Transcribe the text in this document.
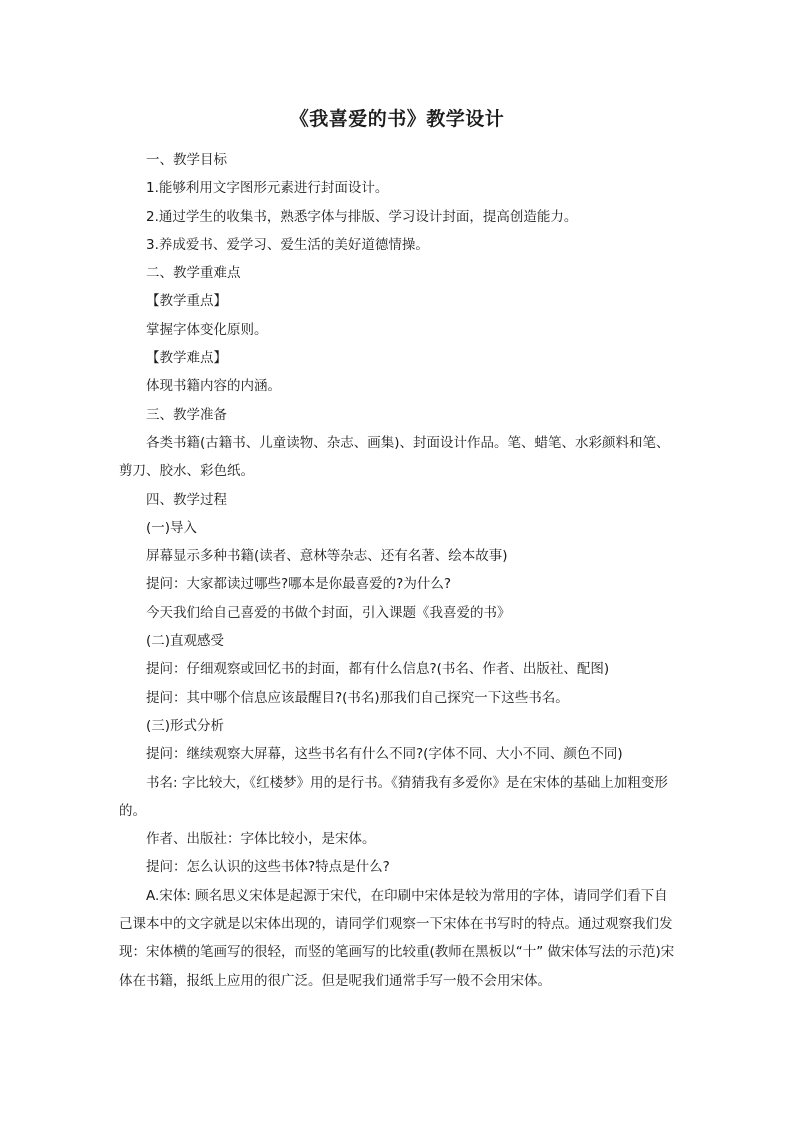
《我喜爱的书》教学设计

一、教学目标

1.能够利用文字图形元素进行封面设计。

2.通过学生的收集书，熟悉字体与排版、学习设计封面，提高创造能力。

3.养成爱书、爱学习、爱生活的美好道德情操。

二、教学重难点

【教学重点】

掌握字体变化原则。

【教学难点】

体现书籍内容的内涵。

三、教学准备

各类书籍(古籍书、儿童读物、杂志、画集)、封面设计作品。笔、蜡笔、水彩颜料和笔、剪刀、胶水、彩色纸。

四、教学过程

(一)导入

屏幕显示多种书籍(读者、意林等杂志、还有名著、绘本故事)

提问：大家都读过哪些?哪本是你最喜爱的?为什么?

今天我们给自己喜爱的书做个封面，引入课题《我喜爱的书》

(二)直观感受

提问：仔细观察或回忆书的封面，都有什么信息?(书名、作者、出版社、配图)

提问：其中哪个信息应该最醒目?(书名)那我们自己探究一下这些书名。

(三)形式分析

提问：继续观察大屏幕，这些书名有什么不同?(字体不同、大小不同、颜色不同)

书名: 字比较大，《红楼梦》用的是行书。《猜猜我有多爱你》是在宋体的基础上加粗变形的。

作者、出版社：字体比较小，是宋体。

提问：怎么认识的这些书体?特点是什么?

A.宋体: 顾名思义宋体是起源于宋代，在印刷中宋体是较为常用的字体，请同学们看下自己课本中的文字就是以宋体出现的，请同学们观察一下宋体在书写时的特点。通过观察我们发现：宋体横的笔画写的很轻，而竖的笔画写的比较重(教师在黑板以“十” 做宋体写法的示范)宋体在书籍，报纸上应用的很广泛。但是呢我们通常手写一般不会用宋体。
